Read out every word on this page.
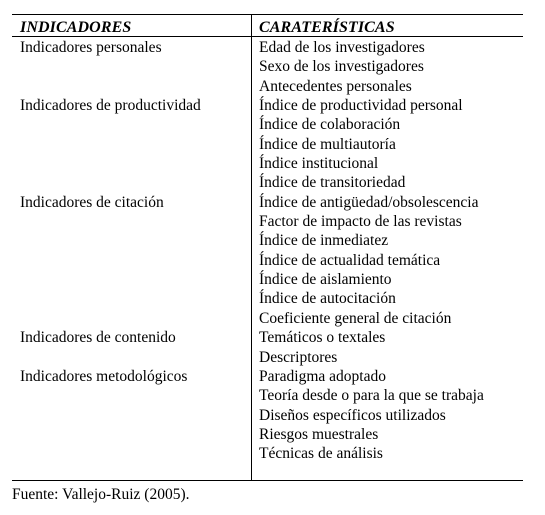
INDICADORES	CARATERÍSTICAS
Indicadores personales	Edad de los investigadores
Sexo de los investigadores
Antecedentes personales
Indicadores de productividad	Índice de productividad personal
Índice de colaboración
Índice de multiautoría
Índice institucional
Índice de transitoriedad
Indicadores de citación	Índice de antigüedad/obsolescencia
Factor de impacto de las revistas
Índice de inmediatez
Índice de actualidad temática
Índice de aislamiento
Índice de autocitación
Coeficiente general de citación
Indicadores de contenido	Temáticos o textales
Descriptores
Indicadores metodológicos	Paradigma adoptado
Teoría desde o para la que se trabaja
Diseños específicos utilizados
Riesgos muestrales
Técnicas de análisis
Fuente: Vallejo-Ruiz (2005).
